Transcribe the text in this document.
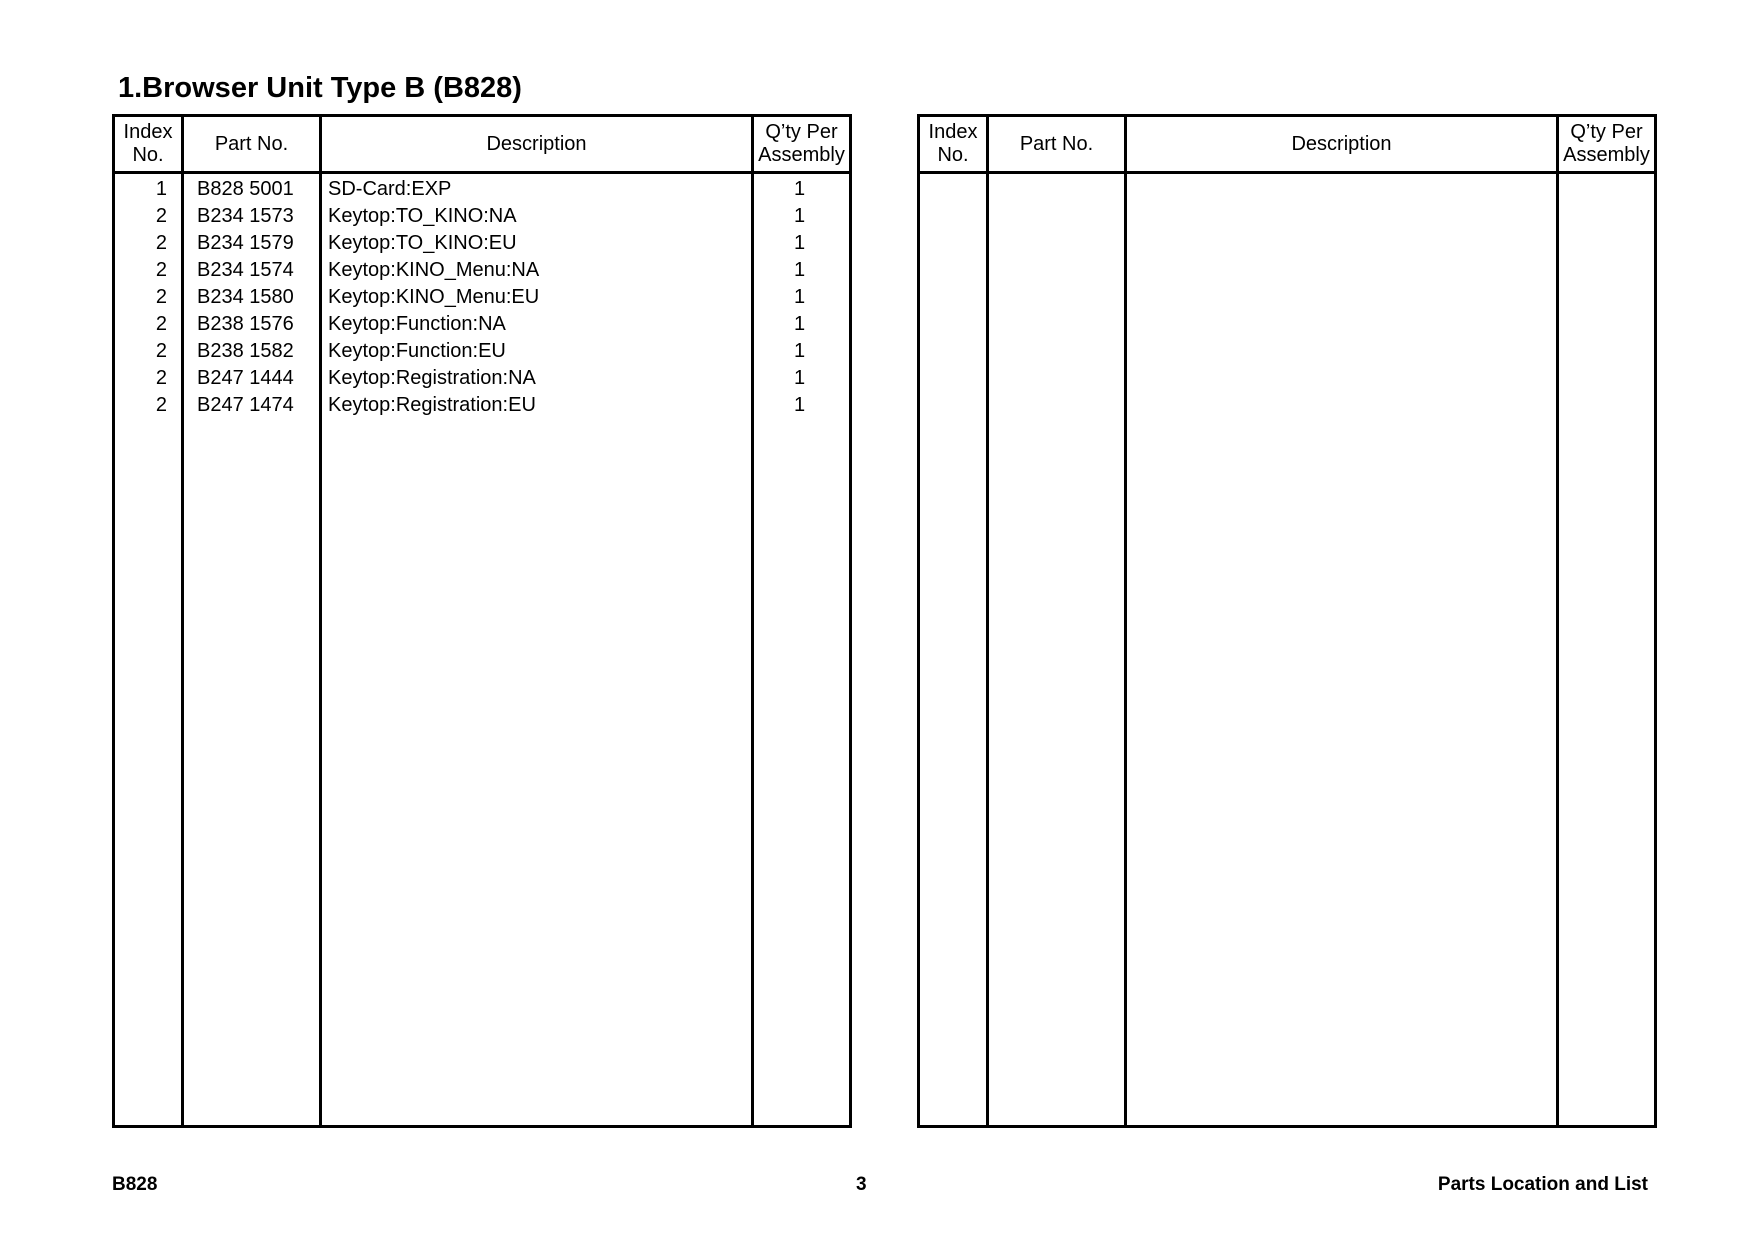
1.Browser Unit Type B (B828)
Index
No.	Part No.	Description	Q’ty Per
Assembly
1	B828 5001	SD-Card:EXP	1
2	B234 1573	Keytop:TO_KINO:NA	1
2	B234 1579	Keytop:TO_KINO:EU	1
2	B234 1574	Keytop:KINO_Menu:NA	1
2	B234 1580	Keytop:KINO_Menu:EU	1
2	B238 1576	Keytop:Function:NA	1
2	B238 1582	Keytop:Function:EU	1
2	B247 1444	Keytop:Registration:NA	1
2	B247 1474	Keytop:Registration:EU	1

Index
No.	Part No.	Description	Q’ty Per
Assembly

B828	3	Parts Location and List
